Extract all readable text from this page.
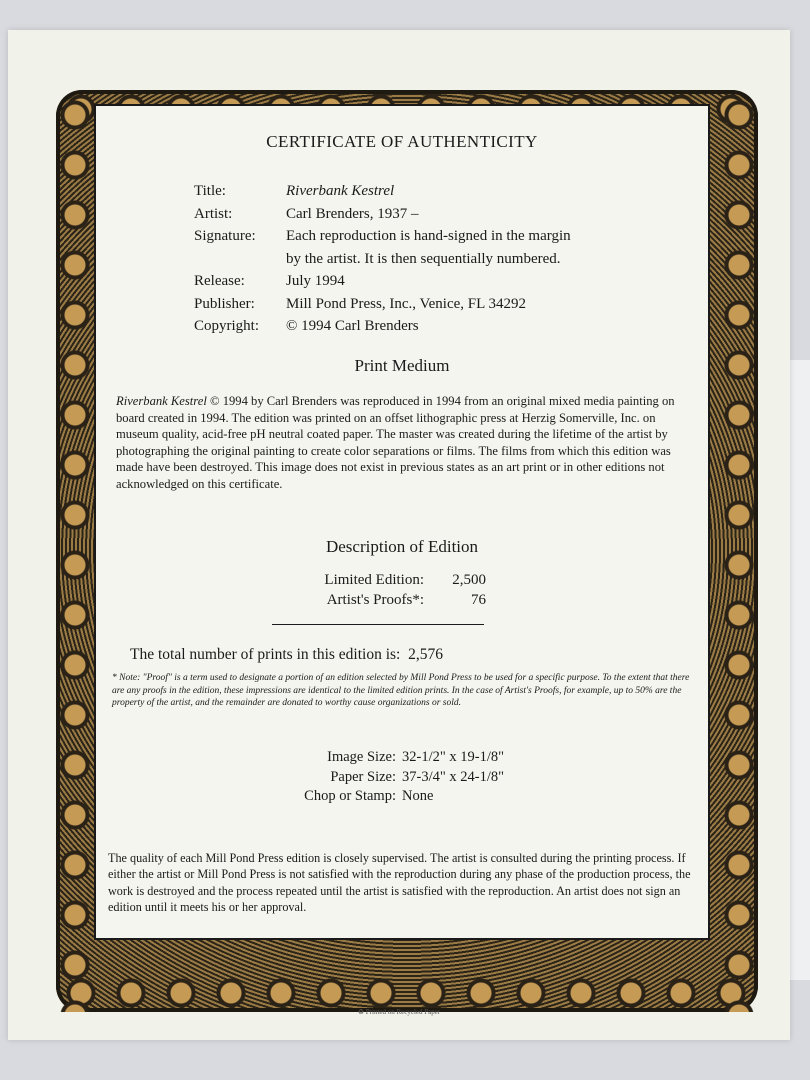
♻ Printed on Recycled Paper
CERTIFICATE OF AUTHENTICITY
Title:	Riverbank Kestrel
Artist:	Carl Brenders, 1937 –
Signature:	Each reproduction is hand-signed in the margin
by the artist. It is then sequentially numbered.
Release:	July 1994
Publisher:	Mill Pond Press, Inc., Venice, FL 34292
Copyright:	© 1994 Carl Brenders
Print Medium
Riverbank Kestrel © 1994 by Carl Brenders was reproduced in 1994 from an original mixed media painting on board created in 1994. The edition was printed on an offset lithographic press at Herzig Somerville, Inc. on museum quality, acid-free pH neutral coated paper. The master was created during the lifetime of the artist by photographing the original painting to create color separations or films. The films from which this edition was made have been destroyed. This image does not exist in previous states as an art print or in other editions not acknowledged on this certificate.
Description of Edition
Limited Edition:	2,500
Artist's Proofs*:	76
The total number of prints in this edition is: 2,576
* Note: "Proof" is a term used to designate a portion of an edition selected by Mill Pond Press to be used for a specific purpose. To the extent that there are any proofs in the edition, these impressions are identical to the limited edition prints. In the case of Artist's Proofs, for example, up to 50% are the property of the artist, and the remainder are donated to worthy cause organizations or sold.
Image Size: 32-1/2" x 19-1/8"
Paper Size: 37-3/4" x 24-1/8"
Chop or Stamp: None
The quality of each Mill Pond Press edition is closely supervised. The artist is consulted during the printing process. If either the artist or Mill Pond Press is not satisfied with the reproduction during any phase of the production process, the work is destroyed and the process repeated until the artist is satisfied with the reproduction. An artist does not sign an edition until it meets his or her approval.
